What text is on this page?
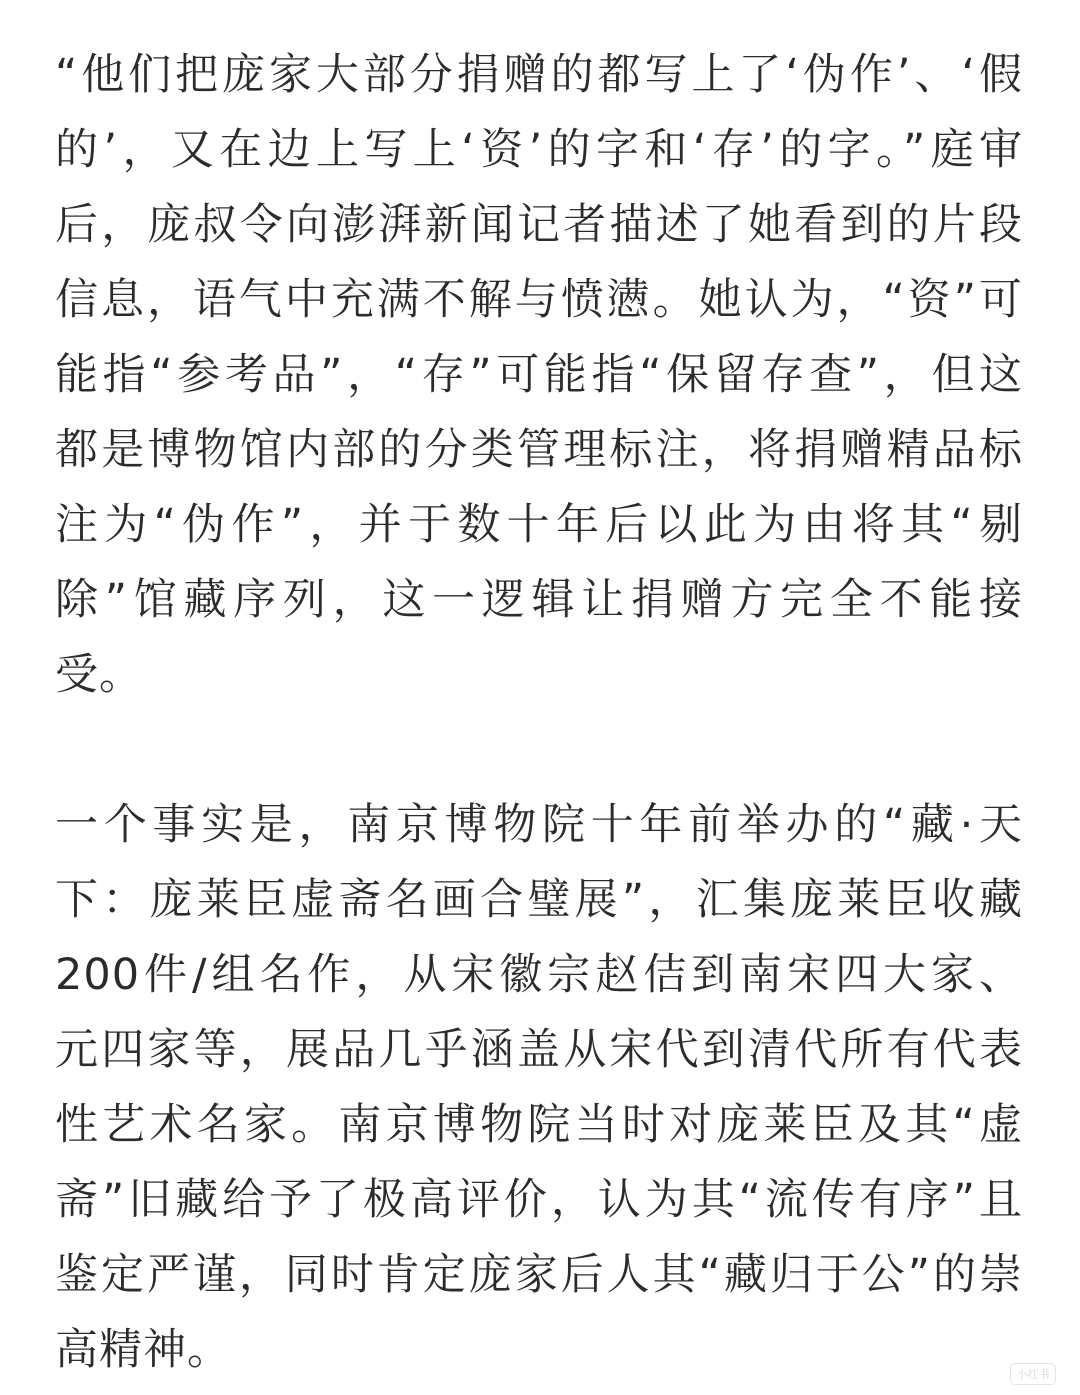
“他们把庞家大部分捐赠的都写上了‘伪作’、‘假
的’，又在边上写上‘资’的字和‘存’的字。”庭审
后，庞叔令向澎湃新闻记者描述了她看到的片段
信息，语气中充满不解与愤懑。她认为，“资”可
能指“参考品”，“存”可能指“保留存查”，但这
都是博物馆内部的分类管理标注，将捐赠精品标
注为“伪作”，并于数十年后以此为由将其“剔
除”馆藏序列，这一逻辑让捐赠方完全不能接
受。
一个事实是，南京博物院十年前举办的“藏·天
下：庞莱臣虚斋名画合璧展”，汇集庞莱臣收藏
200件/组名作，从宋徽宗赵佶到南宋四大家、
元四家等，展品几乎涵盖从宋代到清代所有代表
性艺术名家。南京博物院当时对庞莱臣及其“虚
斋”旧藏给予了极高评价，认为其“流传有序”且
鉴定严谨，同时肯定庞家后人其“藏归于公”的崇
高精神。	小红书
